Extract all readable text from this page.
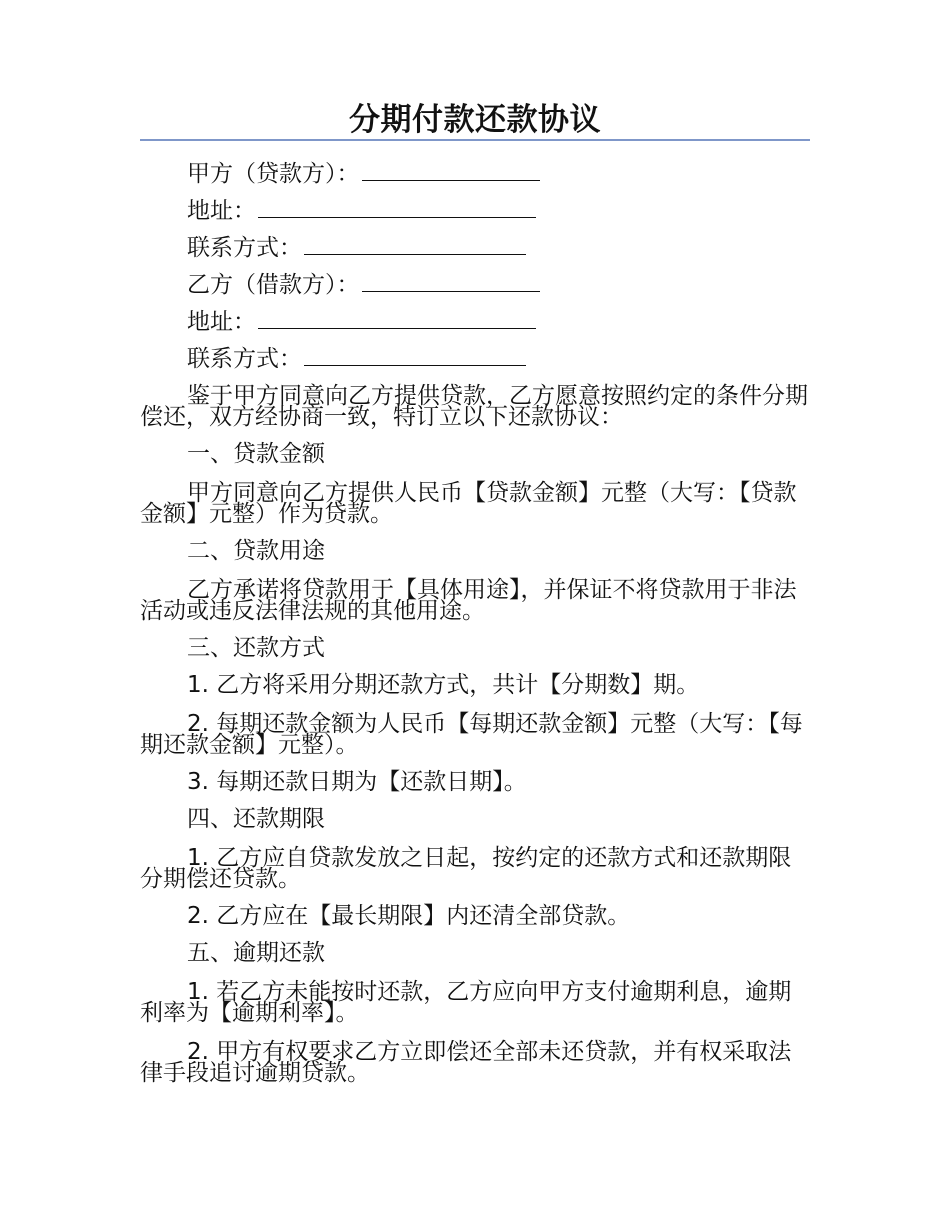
分期付款还款协议
甲方（贷款方）：
地址：
联系方式：
乙方（借款方）：
地址：
联系方式：
鉴于甲方同意向乙方提供贷款，乙方愿意按照约定的条件分期偿还，双方经协商一致，特订立以下还款协议：
一、贷款金额
甲方同意向乙方提供人民币【贷款金额】元整（大写：【贷款金额】元整）作为贷款。
二、贷款用途
乙方承诺将贷款用于【具体用途】，并保证不将贷款用于非法活动或违反法律法规的其他用途。
三、还款方式
1. 乙方将采用分期还款方式，共计【分期数】期。
2. 每期还款金额为人民币【每期还款金额】元整（大写：【每期还款金额】元整）。
3. 每期还款日期为【还款日期】。
四、还款期限
1. 乙方应自贷款发放之日起，按约定的还款方式和还款期限分期偿还贷款。
2. 乙方应在【最长期限】内还清全部贷款。
五、逾期还款
1. 若乙方未能按时还款，乙方应向甲方支付逾期利息，逾期利率为【逾期利率】。
2. 甲方有权要求乙方立即偿还全部未还贷款，并有权采取法律手段追讨逾期贷款。
